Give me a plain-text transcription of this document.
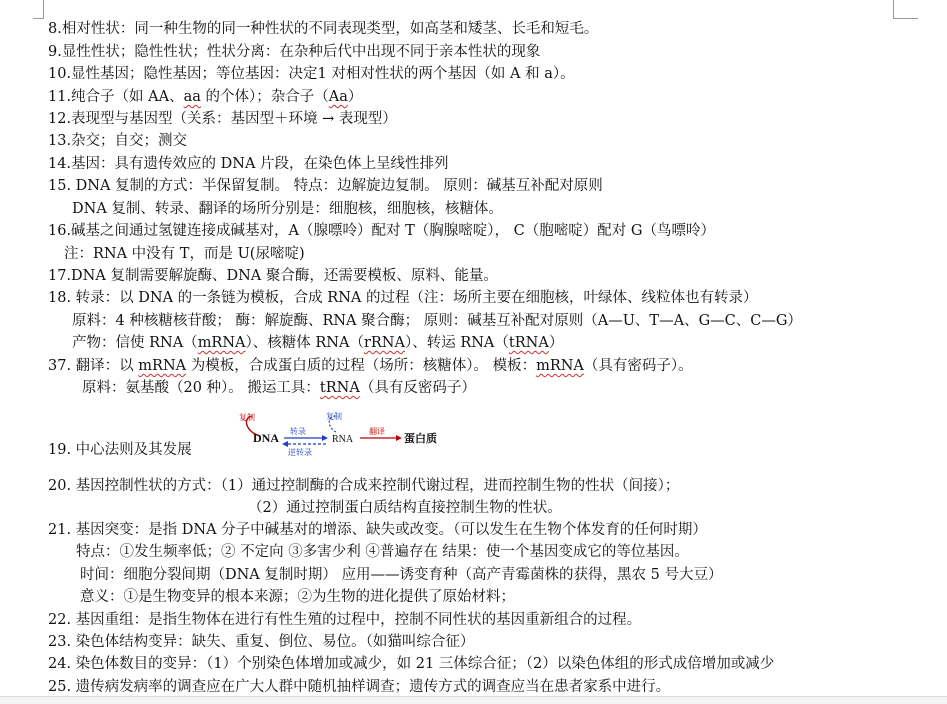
8.相对性状：同一种生物的同一种性状的不同表现类型，如高茎和矮茎、长毛和短毛。
9.显性性状；隐性性状；性状分离：在杂种后代中出现不同于亲本性状的现象
10.显性基因；隐性基因；等位基因：决定1 对相对性状的两个基因（如 A 和 a）。
11.纯合子（如 AA、aa 的个体）；杂合子（Aa）
12.表现型与基因型（关系：基因型＋环境 → 表现型）
13.杂交；自交；测交
14.基因：具有遗传效应的 DNA 片段，在染色体上呈线性排列
15. DNA 复制的方式：半保留复制。 特点：边解旋边复制。 原则：碱基互补配对原则
DNA 复制、转录、翻译的场所分别是：细胞核，细胞核，核糖体。
16.碱基之间通过氢键连接成碱基对，A（腺嘌呤）配对 T（胸腺嘧啶）， C（胞嘧啶）配对 G（鸟嘌呤）
注：RNA 中没有 T，而是 U(尿嘧啶)
17.DNA 复制需要解旋酶、DNA 聚合酶，还需要模板、原料、能量。
18. 转录：以 DNA 的一条链为模板，合成 RNA 的过程（注：场所主要在细胞核，叶绿体、线粒体也有转录）
原料：4 种核糖核苷酸； 酶：解旋酶、RNA 聚合酶； 原则：碱基互补配对原则（A—U、T—A、G—C、C—G）
产物：信使 RNA（mRNA）、核糖体 RNA（rRNA）、转运 RNA（tRNA）
37. 翻译：以 mRNA 为模板，合成蛋白质的过程（场所：核糖体）。 模板：mRNA（具有密码子）。
原料：氨基酸（20 种）。 搬运工具：tRNA（具有反密码子）
19. 中心法则及其发展
复制
DNA 转录
逆转录
复制
RNA
翻译
蛋白质
20. 基因控制性状的方式：（1）通过控制酶的合成来控制代谢过程，进而控制生物的性状（间接）；
（2）通过控制蛋白质结构直接控制生物的性状。
21. 基因突变：是指 DNA 分子中碱基对的增添、缺失或改变。（可以发生在生物个体发育的任何时期）
特点：①发生频率低；② 不定向 ③多害少利 ④普遍存在 结果：使一个基因变成它的等位基因。
时间：细胞分裂间期（DNA 复制时期） 应用——诱变育种（高产青霉菌株的获得，黑农 5 号大豆）
意义：①是生物变异的根本来源；②为生物的进化提供了原始材料；
22. 基因重组：是指生物体在进行有性生殖的过程中，控制不同性状的基因重新组合的过程。
23. 染色体结构变异：缺失、重复、倒位、易位。（如猫叫综合征）
24. 染色体数目的变异：（1）个别染色体增加或减少，如 21 三体综合征；（2）以染色体组的形式成倍增加或减少
25. 遗传病发病率的调查应在广大人群中随机抽样调查；遗传方式的调查应当在患者家系中进行。
